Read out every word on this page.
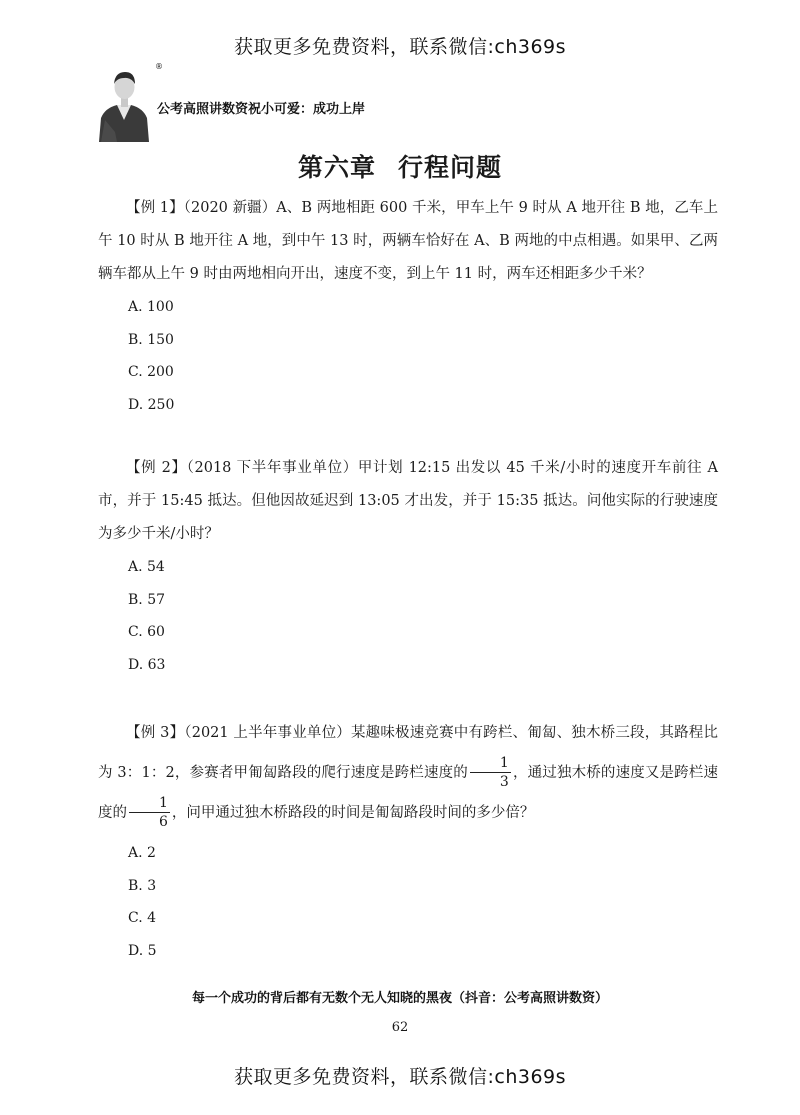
获取更多免费资料，联系微信:ch369s
®
公考高照讲数资祝小可爱：成功上岸
第六章 行程问题

【例 1】（2020 新疆）A、B 两地相距 600 千米，甲车上午 9 时从 A 地开往 B 地，乙车上午 10 时从 B 地开往 A 地，到中午 13 时，两辆车恰好在 A、B 两地的中点相遇。如果甲、乙两辆车都从上午 9 时由两地相向开出，速度不变，到上午 11 时，两车还相距多少千米？

A. 100
B. 150
C. 200
D. 250

【例 2】（2018 下半年事业单位）甲计划 12:15 出发以 45 千米/小时的速度开车前往 A 市，并于 15:45 抵达。但他因故延迟到 13:05 才出发，并于 15:35 抵达。问他实际的行驶速度为多少千米/小时？

A. 54
B. 57
C. 60
D. 63

【例 3】（2021 上半年事业单位）某趣味极速竞赛中有跨栏、匍匐、独木桥三段，其路程比为 3：1：2，参赛者甲匍匐路段的爬行速度是跨栏速度的 $\frac{1}{3}$ ，通过独木桥的速度又是跨栏速度的 $\frac{1}{6}$ ，问甲通过独木桥路段的时间是匍匐路段时间的多少倍？

A. 2
B. 3
C. 4
D. 5
每一个成功的背后都有无数个无人知晓的黑夜（抖音：公考高照讲数资）
62
获取更多免费资料，联系微信:ch369s
